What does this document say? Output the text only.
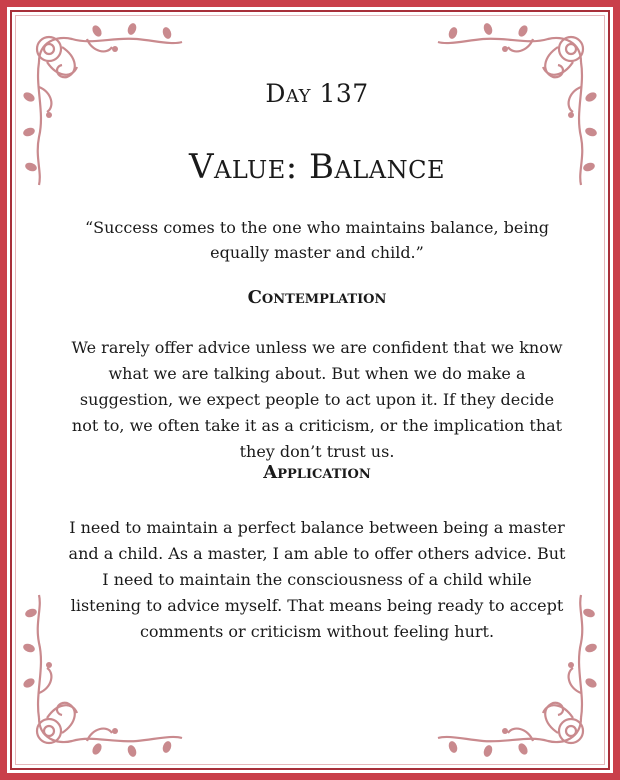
Day 137
Value: Balance
“Success comes to the one who maintains balance, being equally master and child.”
Contemplation
We rarely offer advice unless we are confident that we know what we are talking about. But when we do make a suggestion, we expect people to act upon it. If they decide not to, we often take it as a criticism, or the implication that they don’t trust us.
Application
I need to maintain a perfect balance between being a master and a child. As a master, I am able to offer others advice. But I need to maintain the consciousness of a child while listening to advice myself. That means being ready to accept comments or criticism without feeling hurt.
